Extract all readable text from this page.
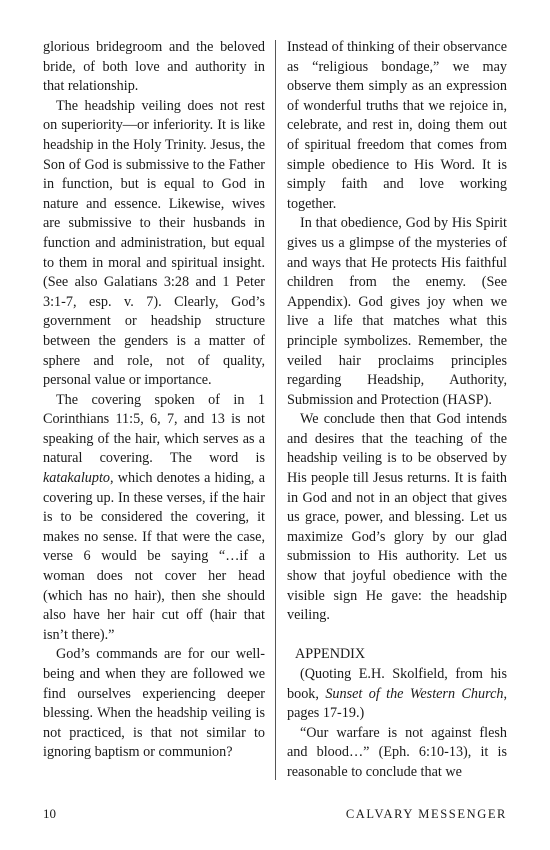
glorious bridegroom and the beloved bride, of both love and authority in that relationship.

The headship veiling does not rest on superiority—or inferiority. It is like headship in the Holy Trinity. Jesus, the Son of God is submissive to the Father in function, but is equal to God in nature and essence. Likewise, wives are submissive to their husbands in function and administration, but equal to them in moral and spiritual insight. (See also Galatians 3:28 and 1 Peter 3:1-7, esp. v. 7). Clearly, God’s government or headship structure between the genders is a matter of sphere and role, not of quality, personal value or importance.

The covering spoken of in 1 Corinthians 11:5, 6, 7, and 13 is not speaking of the hair, which serves as a natural covering. The word is katakalupto, which denotes a hiding, a covering up. In these verses, if the hair is to be considered the covering, it makes no sense. If that were the case, verse 6 would be saying “…if a woman does not cover her head (which has no hair), then she should also have her hair cut off (hair that isn’t there).”

God’s commands are for our well-being and when they are followed we find ourselves experiencing deeper blessing. When the headship veiling is not practiced, is that not similar to ignoring baptism or communion?

Instead of thinking of their observance as “religious bondage,” we may observe them simply as an expression of wonderful truths that we rejoice in, celebrate, and rest in, doing them out of spiritual freedom that comes from simple obedience to His Word. It is simply faith and love working together.

In that obedience, God by His Spirit gives us a glimpse of the mysteries of and ways that He protects His faithful children from the enemy. (See Appendix). God gives joy when we live a life that matches what this principle symbolizes. Remember, the veiled hair proclaims principles regarding Headship, Authority, Submission and Protection (HASP).

We conclude then that God intends and desires that the teaching of the headship veiling is to be observed by His people till Jesus returns. It is faith in God and not in an object that gives us grace, power, and blessing. Let us maximize God’s glory by our glad submission to His authority. Let us show that joyful obedience with the visible sign He gave: the headship veiling.

APPENDIX

(Quoting E.H. Skolfield, from his book, Sunset of the Western Church, pages 17-19.)

“Our warfare is not against flesh and blood…” (Eph. 6:10-13), it is reasonable to conclude that we

10	CALVARY MESSENGER
